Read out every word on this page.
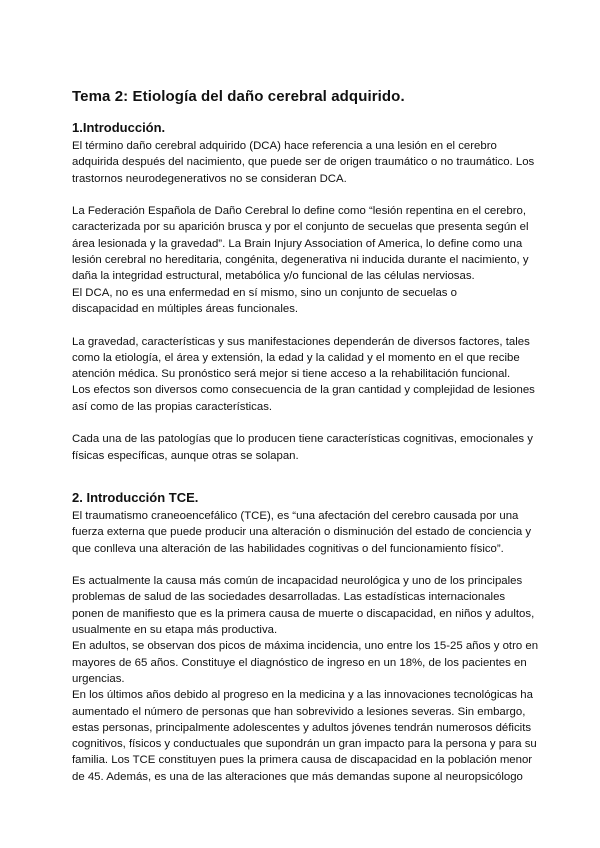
Tema 2: Etiología del daño cerebral adquirido.
1.Introducción.
El término daño cerebral adquirido (DCA) hace referencia a una lesión en el cerebro
adquirida después del nacimiento, que puede ser de origen traumático o no traumático. Los
trastornos neurodegenerativos no se consideran DCA.
La Federación Española de Daño Cerebral lo define como “lesión repentina en el cerebro,
caracterizada por su aparición brusca y por el conjunto de secuelas que presenta según el
área lesionada y la gravedad”. La Brain Injury Association of America, lo define como una
lesión cerebral no hereditaria, congénita, degenerativa ni inducida durante el nacimiento, y
daña la integridad estructural, metabólica y/o funcional de las células nerviosas.
El DCA, no es una enfermedad en sí mismo, sino un conjunto de secuelas o
discapacidad en múltiples áreas funcionales.
La gravedad, características y sus manifestaciones dependerán de diversos factores, tales
como la etiología, el área y extensión, la edad y la calidad y el momento en el que recibe
atención médica. Su pronóstico será mejor si tiene acceso a la rehabilitación funcional.
Los efectos son diversos como consecuencia de la gran cantidad y complejidad de lesiones
así como de las propias características.
Cada una de las patologías que lo producen tiene características cognitivas, emocionales y
físicas específicas, aunque otras se solapan.
2. Introducción TCE.
El traumatismo craneoencefálico (TCE), es “una afectación del cerebro causada por una
fuerza externa que puede producir una alteración o disminución del estado de conciencia y
que conlleva una alteración de las habilidades cognitivas o del funcionamiento físico”.
Es actualmente la causa más común de incapacidad neurológica y uno de los principales
problemas de salud de las sociedades desarrolladas. Las estadísticas internacionales
ponen de manifiesto que es la primera causa de muerte o discapacidad, en niños y adultos,
usualmente en su etapa más productiva.
En adultos, se observan dos picos de máxima incidencia, uno entre los 15-25 años y otro en
mayores de 65 años. Constituye el diagnóstico de ingreso en un 18%, de los pacientes en
urgencias.
En los últimos años debido al progreso en la medicina y a las innovaciones tecnológicas ha
aumentado el número de personas que han sobrevivido a lesiones severas. Sin embargo,
estas personas, principalmente adolescentes y adultos jóvenes tendrán numerosos déficits
cognitivos, físicos y conductuales que supondrán un gran impacto para la persona y para su
familia. Los TCE constituyen pues la primera causa de discapacidad en la población menor
de 45. Además, es una de las alteraciones que más demandas supone al neuropsicólogo
